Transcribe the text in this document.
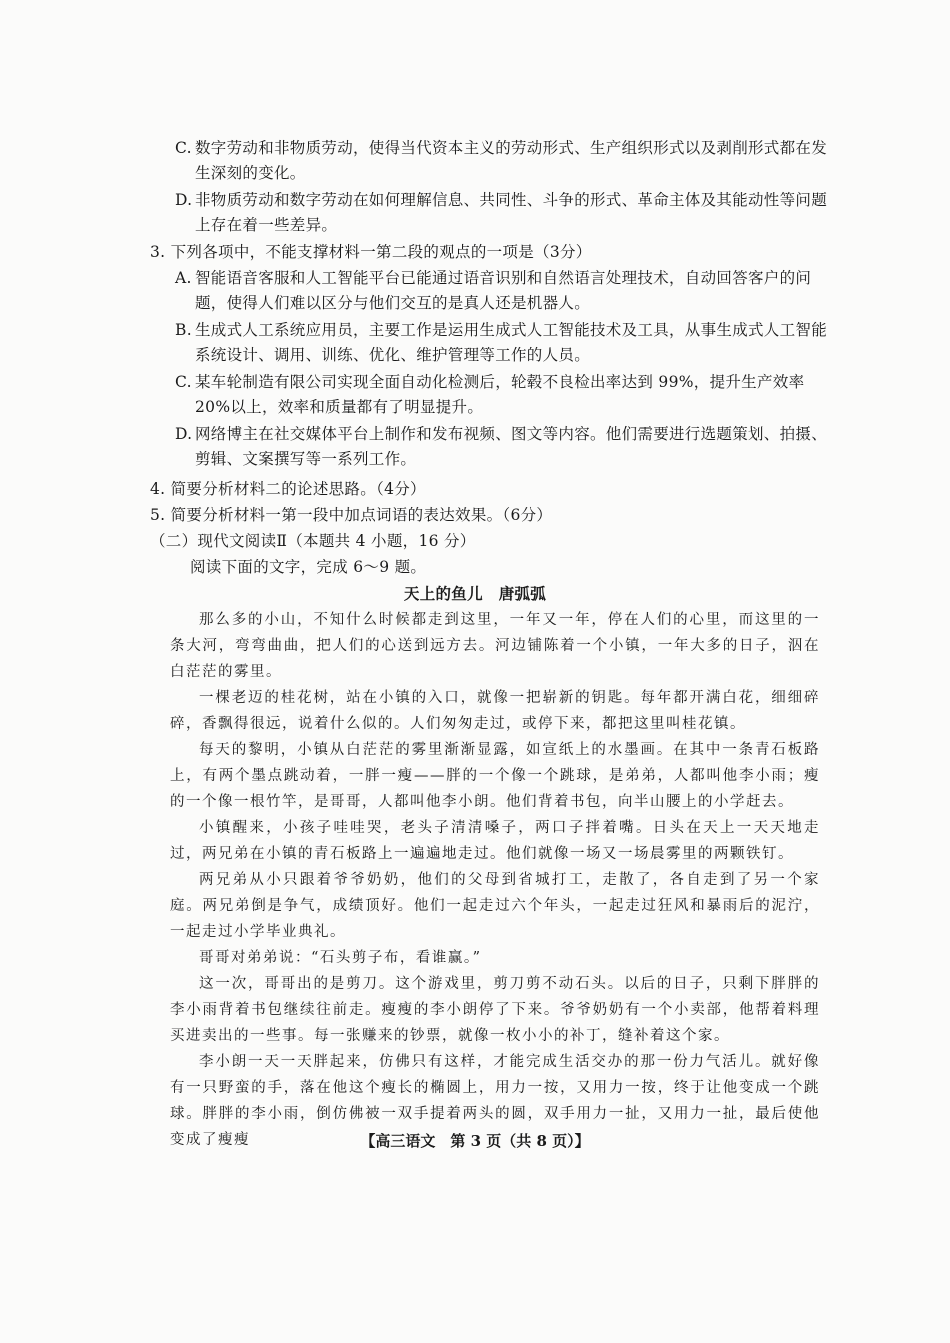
C. 数字劳动和非物质劳动，使得当代资本主义的劳动形式、生产组织形式以及剥削形式都在发生深刻的变化。
D. 非物质劳动和数字劳动在如何理解信息、共同性、斗争的形式、革命主体及其能动性等问题上存在着一些差异。
3. 下列各项中，不能支撑材料一第二段的观点的一项是（3分）
A. 智能语音客服和人工智能平台已能通过语音识别和自然语言处理技术，自动回答客户的问题，使得人们难以区分与他们交互的是真人还是机器人。
B. 生成式人工系统应用员，主要工作是运用生成式人工智能技术及工具，从事生成式人工智能系统设计、调用、训练、优化、维护管理等工作的人员。
C. 某车轮制造有限公司实现全面自动化检测后，轮毂不良检出率达到 99%，提升生产效率 20%以上，效率和质量都有了明显提升。
D. 网络博主在社交媒体平台上制作和发布视频、图文等内容。他们需要进行选题策划、拍摄、剪辑、文案撰写等一系列工作。
4. 简要分析材料二的论述思路。（4分）
5. 简要分析材料一第一段中加点词语的表达效果。（6分）
（二）现代文阅读Ⅱ（本题共 4 小题，16 分）
阅读下面的文字，完成 6～9 题。
天上的鱼儿　唐弧弧
那么多的小山，不知什么时候都走到这里，一年又一年，停在人们的心里，而这里的一条大河，弯弯曲曲，把人们的心送到远方去。河边铺陈着一个小镇，一年大多的日子，泅在白茫茫的雾里。
一棵老迈的桂花树，站在小镇的入口，就像一把崭新的钥匙。每年都开满白花，细细碎碎，香飘得很远，说着什么似的。人们匆匆走过，或停下来，都把这里叫桂花镇。
每天的黎明，小镇从白茫茫的雾里渐渐显露，如宣纸上的水墨画。在其中一条青石板路上，有两个墨点跳动着，一胖一瘦——胖的一个像一个跳球，是弟弟，人都叫他李小雨；瘦的一个像一根竹竿，是哥哥，人都叫他李小朗。他们背着书包，向半山腰上的小学赶去。
小镇醒来，小孩子哇哇哭，老头子清清嗓子，两口子拌着嘴。日头在天上一天天地走过，两兄弟在小镇的青石板路上一遍遍地走过。他们就像一场又一场晨雾里的两颗铁钉。
两兄弟从小只跟着爷爷奶奶，他们的父母到省城打工，走散了，各自走到了另一个家庭。两兄弟倒是争气，成绩顶好。他们一起走过六个年头，一起走过狂风和暴雨后的泥泞，一起走过小学毕业典礼。
哥哥对弟弟说：“石头剪子布，看谁赢。”
这一次，哥哥出的是剪刀。这个游戏里，剪刀剪不动石头。以后的日子，只剩下胖胖的李小雨背着书包继续往前走。瘦瘦的李小朗停了下来。爷爷奶奶有一个小卖部，他帮着料理买进卖出的一些事。每一张赚来的钞票，就像一枚小小的补丁，缝补着这个家。
李小朗一天一天胖起来，仿佛只有这样，才能完成生活交办的那一份力气活儿。就好像有一只野蛮的手，落在他这个瘦长的椭圆上，用力一按，又用力一按，终于让他变成一个跳球。胖胖的李小雨，倒仿佛被一双手提着两头的圆，双手用力一扯，又用力一扯，最后使他变成了瘦瘦	【高三语文　第 3 页（共 8 页）】
